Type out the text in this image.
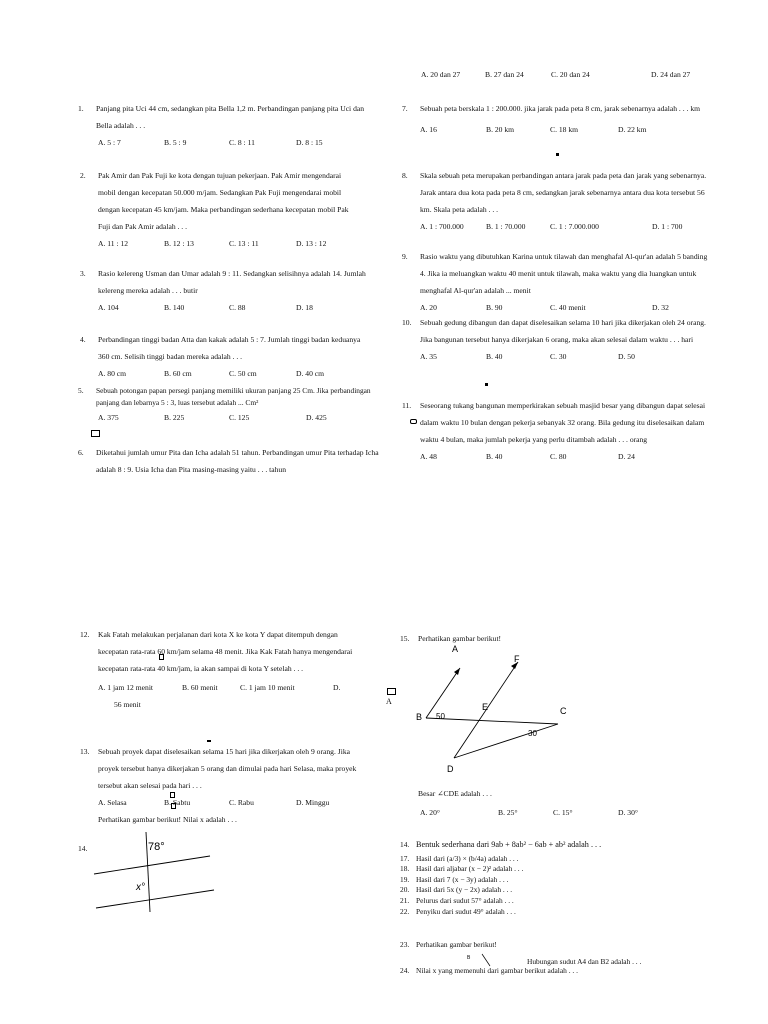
A. 20 dan 27	B. 27 dan 24	C. 20 dan 24	D. 24 dan 27
1. Panjang pita Uci 44 cm, sedangkan pita Bella 1,2 m. Perbandingan panjang pita Uci dan Bella adalah . . .
A. 5 : 7	B. 5 : 9	C. 8 : 11	D. 8 : 15
2. Pak Amir dan Pak Fuji ke kota dengan tujuan pekerjaan. Pak Amir mengendarai mobil dengan kecepatan 50.000 m/jam. Sedangkan Pak Fuji mengendarai mobil dengan kecepatan 45 km/jam. Maka perbandingan sederhana kecepatan mobil Pak Fuji dan Pak Amir adalah . . .
A. 11 : 12	B. 12 : 13	C. 13 : 11	D. 13 : 12
3. Rasio kelereng Usman dan Umar adalah 9 : 11. Sedangkan selisihnya adalah 14. Jumlah kelereng mereka adalah . . . butir
A. 104	B. 140	C. 88	D. 18
4. Perbandingan tinggi badan Atta dan kakak adalah 5 : 7. Jumlah tinggi badan keduanya 360 cm. Selisih tinggi badan mereka adalah . . .
A. 80 cm	B. 60 cm	C. 50 cm	D. 40 cm
5. Sebuah potongan papan persegi panjang memiliki ukuran panjang 25 Cm. Jika perbandingan panjang dan lebarnya 5 : 3, luas tersebut adalah ... Cm²
A. 375	B. 225	C. 125	D. 425
6. Diketahui jumlah umur Pita dan Icha adalah 51 tahun. Perbandingan umur Pita terhadap Icha adalah 8 : 9. Usia Icha dan Pita masing-masing yaitu . . . tahun
7. Sebuah peta berskala 1 : 200.000. jika jarak pada peta 8 cm, jarak sebenarnya adalah . . . km
A. 16	B. 20 km	C. 18 km	D. 22 km
8. Skala sebuah peta merupakan perbandingan antara jarak pada peta dan jarak yang sebenarnya. Jarak antara dua kota pada peta 8 cm, sedangkan jarak sebenarnya antara dua kota tersebut 56 km. Skala peta adalah . . .
A. 1 : 700.000	B. 1 : 70.000	C. 1 : 7.000.000	D. 1 : 700
9. Rasio waktu yang dibutuhkan Karina untuk tilawah dan menghafal Al-qur'an adalah 5 banding 4. Jika ia meluangkan waktu 40 menit untuk tilawah, maka waktu yang dia luangkan untuk menghafal Al-qur'an adalah ... menit
A. 20	B. 90	C. 40 menit	D. 32
10. Sebuah gedung dibangun dan dapat diselesaikan selama 10 hari jika dikerjakan oleh 24 orang. Jika bangunan tersebut hanya dikerjakan 6 orang, maka akan selesai dalam waktu . . . hari
A. 35	B. 40	C. 30	D. 50
11. Seseorang tukang bangunan memperkirakan sebuah masjid besar yang dibangun dapat selesai dalam waktu 10 bulan dengan pekerja sebanyak 32 orang. Bila gedung itu diselesaikan dalam waktu 4 bulan, maka jumlah pekerja yang perlu ditambah adalah . . . orang
A. 48	B. 40	C. 80	D. 24
12. Kak Fatah melakukan perjalanan dari kota X ke kota Y dapat ditempuh dengan kecepatan rata-rata 60 km/jam selama 48 menit. Jika Kak Fatah hanya mengendarai kecepatan rata-rata 40 km/jam, ia akan sampai di kota Y setelah . . .
A. 1 jam 12 menit	B. 60 menit	C. 1 jam 10 menit	D.
56 menit
13. Sebuah proyek dapat diselesaikan selama 15 hari jika dikerjakan oleh 9 orang. Jika proyek tersebut hanya dikerjakan 5 orang dan dimulai pada hari Selasa, maka proyek tersebut akan selesai pada hari . . .
A. Selasa	B. Sabtu	C. Rabu	D. Minggu
Perhatikan gambar berikut! Nilai x adalah . . .
14.	78°
x°
15. Perhatikan gambar berikut!
A
A
F
B
E	C
D
50
30
Besar ∠CDE adalah . . .
A. 20°	B. 25°	C. 15°	D. 30°
14. Bentuk sederhana dari 9ab + 8ab² − 6ab + ab² adalah . . .
17. Hasil dari (a/3) × (b/4a) adalah . . .
18. Hasil dari aljabar (x − 2)² adalah . . .
19. Hasil dari 7 (x − 3y) adalah . . .
20. Hasil dari 5x (y − 2x) adalah . . .
21. Pelurus dari sudut 57° adalah . . .
22. Penyiku dari sudut 49° adalah . . .
23. Perhatikan gambar berikut!
B	Hubungan sudut A4 dan B2 adalah . . .
24. Nilai x yang memenuhi dari gambar berikut adalah . . .
